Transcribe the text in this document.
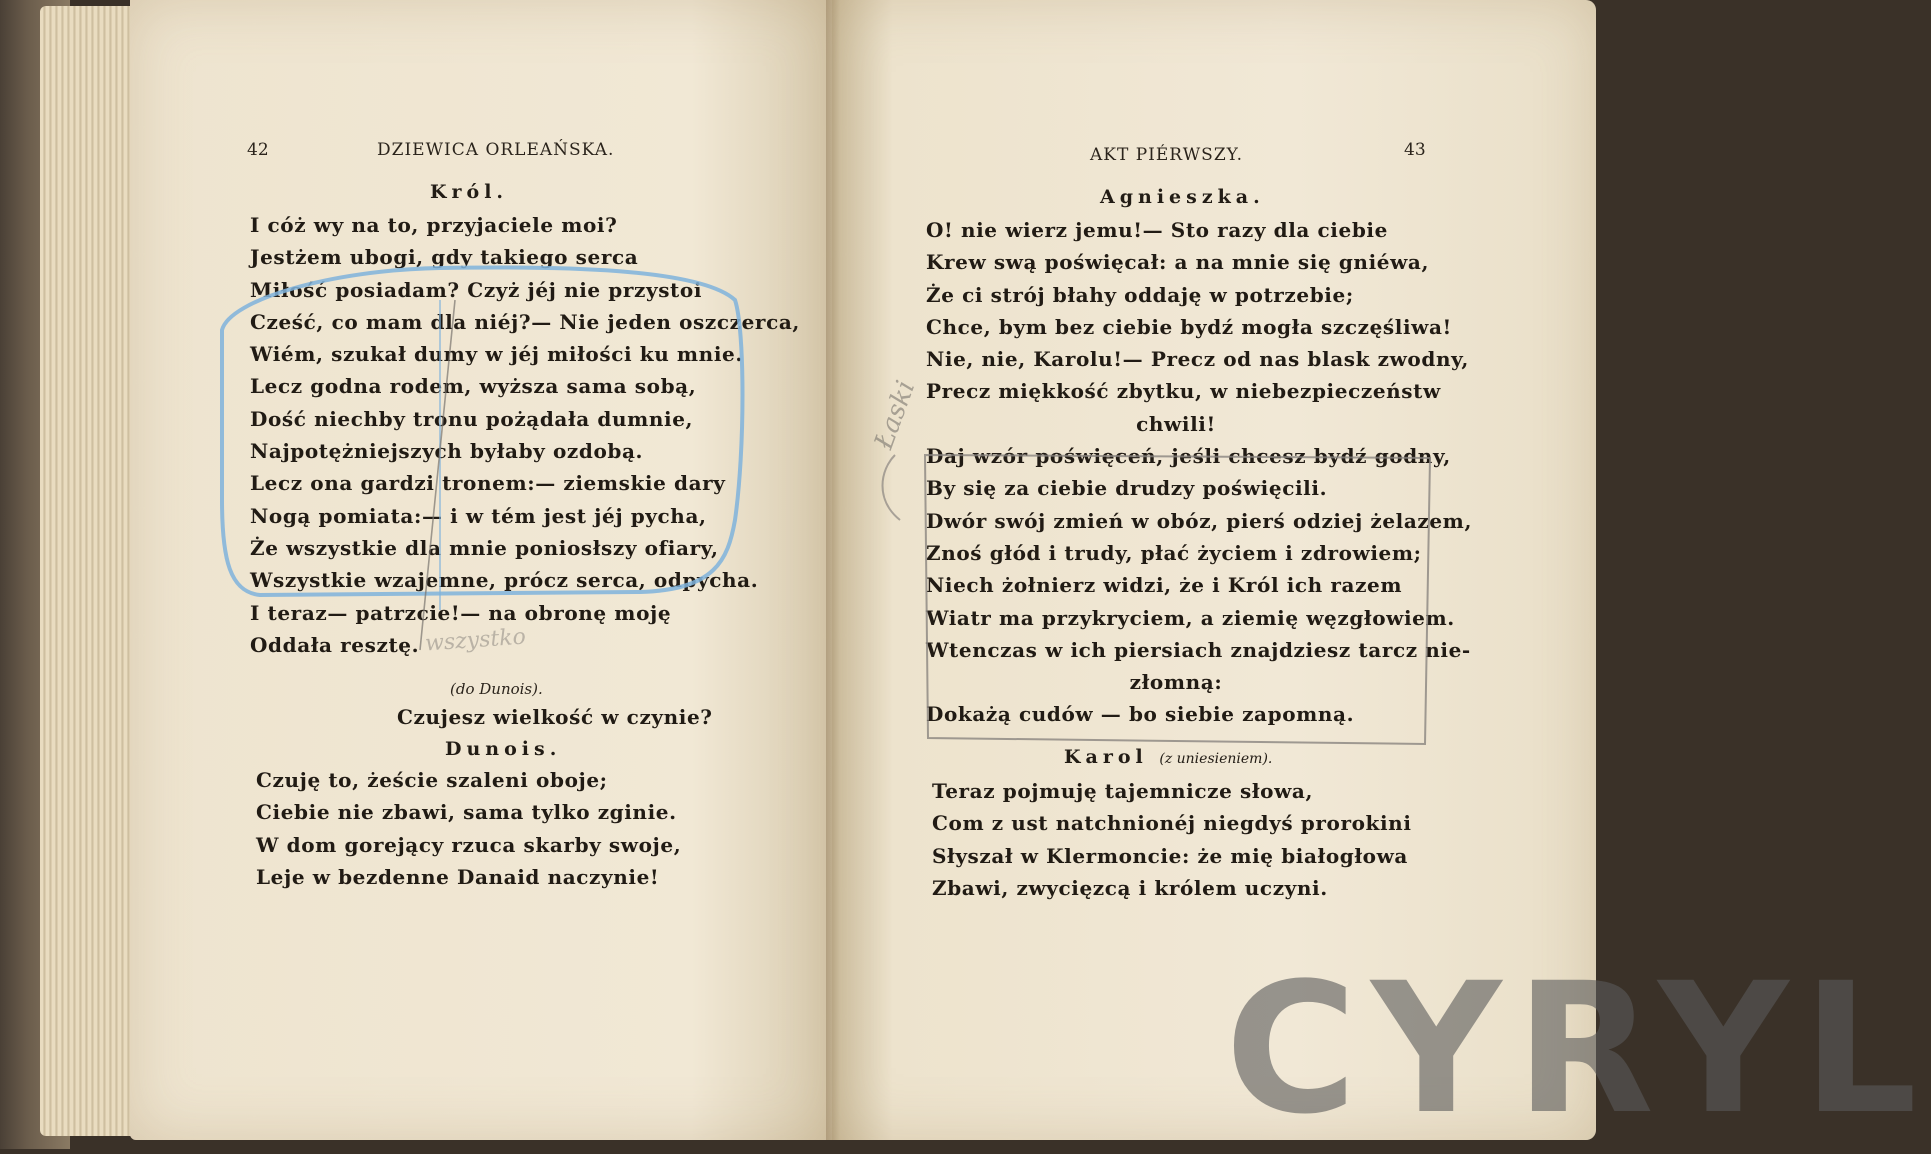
42	DZIEWICA ORLEAŃSKA.
Król.
I cóż wy na to, przyjaciele moi?
Jestżem ubogi, gdy takiego serca
Miłość posiadam? Czyż jéj nie przystoi
Cześć, co mam dla niéj?— Nie jeden oszczerca,
Wiém, szukał dumy w jéj miłości ku mnie.
Lecz godna rodem, wyższa sama sobą,
Dość niechby tronu pożądała dumnie,
Najpotężniejszych byłaby ozdobą.
Lecz ona gardzi tronem:— ziemskie dary
Nogą pomiata:— i w tém jest jéj pycha,
Że wszystkie dla mnie poniosłszy ofiary,
Wszystkie wzajemne, prócz serca, odpycha.
I teraz— patrzcie!— na obronę moję
Oddała resztę.
(do Dunois).
Czujesz wielkość w czynie?
Dunois.
Czuję to, żeście szaleni oboje;
Ciebie nie zbawi, sama tylko zginie.
W dom gorejący rzuca skarby swoje,
Leje w bezdenne Danaid naczynie!
AKT PIÉRWSZY.	43
Agnieszka.
O! nie wierz jemu!— Sto razy dla ciebie
Krew swą poświęcał: a na mnie się gniéwa,
Że ci strój błahy oddaję w potrzebie;
Chce, bym bez ciebie bydź mogła szczęśliwa!
Nie, nie, Karolu!— Precz od nas blask zwodny,
Precz miękkość zbytku, w niebezpieczeństw
chwili!
Daj wzór poświęceń, jeśli chcesz bydź godny,
By się za ciebie drudzy poświęcili.
Dwór swój zmień w obóz, pierś odziej żelazem,
Znoś głód i trudy, płać życiem i zdrowiem;
Niech żołnierz widzi, że i Król ich razem
Wiatr ma przykryciem, a ziemię węzgłowiem.
Wtenczas w ich piersiach znajdziesz tarcz nie-
złomną:
Dokażą cudów — bo siebie zapomną.
Karol (z uniesieniem).
Teraz pojmuję tajemnicze słowa,
Com z ust natchnionéj niegdyś prorokini
Słyszał w Klermoncie: że mię białogłowa
Zbawi, zwycięzcą i królem uczyni.
wszystko
Łaski
CYRYL
